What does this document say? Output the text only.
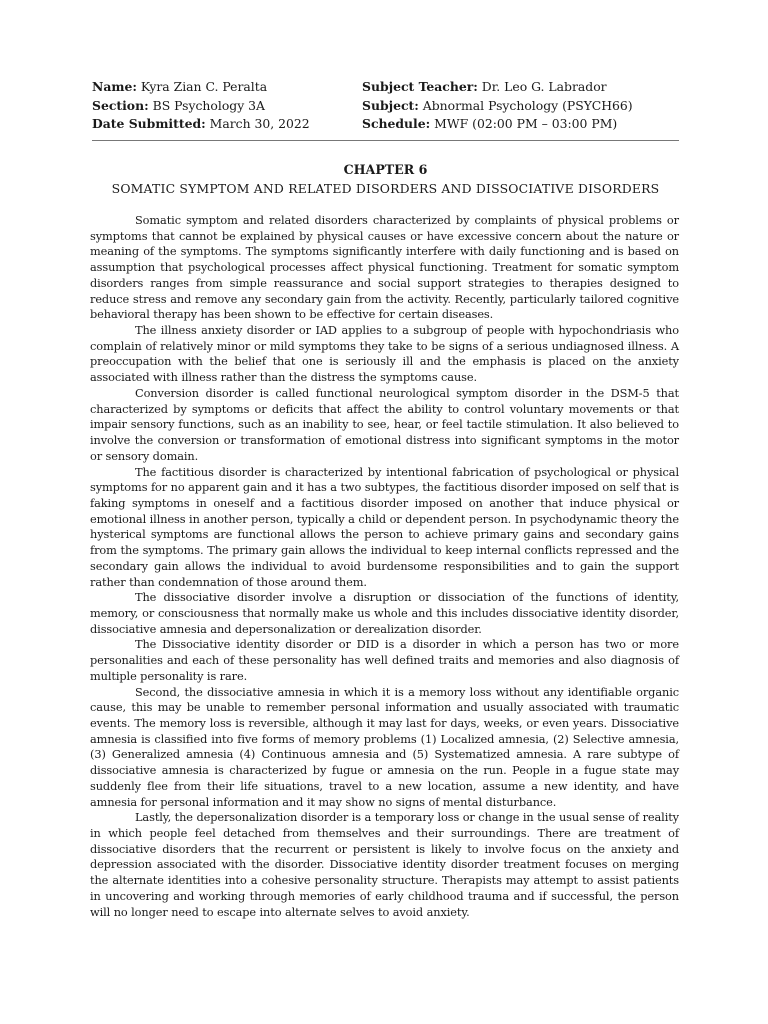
Name: Kyra Zian C. Peralta
Section: BS Psychology 3A
Date Submitted: March 30, 2022
Subject Teacher: Dr. Leo G. Labrador
Subject: Abnormal Psychology (PSYCH66)
Schedule: MWF (02:00 PM – 03:00 PM)
CHAPTER 6
SOMATIC SYMPTOM AND RELATED DISORDERS AND DISSOCIATIVE DISORDERS

Somatic symptom and related disorders characterized by complaints of physical problems or symptoms that cannot be explained by physical causes or have excessive concern about the nature or meaning of the symptoms. The symptoms significantly interfere with daily functioning and is based on assumption that psychological processes affect physical functioning. Treatment for somatic symptom disorders ranges from simple reassurance and social support strategies to therapies designed to reduce stress and remove any secondary gain from the activity. Recently, particularly tailored cognitive behavioral therapy has been shown to be effective for certain diseases.

The illness anxiety disorder or IAD applies to a subgroup of people with hypochondriasis who complain of relatively minor or mild symptoms they take to be signs of a serious undiagnosed illness. A preoccupation with the belief that one is seriously ill and the emphasis is placed on the anxiety associated with illness rather than the distress the symptoms cause.

Conversion disorder is called functional neurological symptom disorder in the DSM-5 that characterized by symptoms or deficits that affect the ability to control voluntary movements or that impair sensory functions, such as an inability to see, hear, or feel tactile stimulation. It also believed to involve the conversion or transformation of emotional distress into significant symptoms in the motor or sensory domain.

The factitious disorder is characterized by intentional fabrication of psychological or physical symptoms for no apparent gain and it has a two subtypes, the factitious disorder imposed on self that is faking symptoms in oneself and a factitious disorder imposed on another that induce physical or emotional illness in another person, typically a child or dependent person. In psychodynamic theory the hysterical symptoms are functional allows the person to achieve primary gains and secondary gains from the symptoms. The primary gain allows the individual to keep internal conflicts repressed and the secondary gain allows the individual to avoid burdensome responsibilities and to gain the support rather than condemnation of those around them.

The dissociative disorder involve a disruption or dissociation of the functions of identity, memory, or consciousness that normally make us whole and this includes dissociative identity disorder, dissociative amnesia and depersonalization or derealization disorder.

The Dissociative identity disorder or DID is a disorder in which a person has two or more personalities and each of these personality has well defined traits and memories and also diagnosis of multiple personality is rare.

Second, the dissociative amnesia in which it is a memory loss without any identifiable organic cause, this may be unable to remember personal information and usually associated with traumatic events. The memory loss is reversible, although it may last for days, weeks, or even years. Dissociative amnesia is classified into five forms of memory problems (1) Localized amnesia, (2) Selective amnesia, (3) Generalized amnesia (4) Continuous amnesia and (5) Systematized amnesia. A rare subtype of dissociative amnesia is characterized by fugue or amnesia on the run. People in a fugue state may suddenly flee from their life situations, travel to a new location, assume a new identity, and have amnesia for personal information and it may show no signs of mental disturbance.

Lastly, the depersonalization disorder is a temporary loss or change in the usual sense of reality in which people feel detached from themselves and their surroundings. There are treatment of dissociative disorders that the recurrent or persistent is likely to involve focus on the anxiety and depression associated with the disorder. Dissociative identity disorder treatment focuses on merging the alternate identities into a cohesive personality structure. Therapists may attempt to assist patients in uncovering and working through memories of early childhood trauma and if successful, the person will no longer need to escape into alternate selves to avoid anxiety.
